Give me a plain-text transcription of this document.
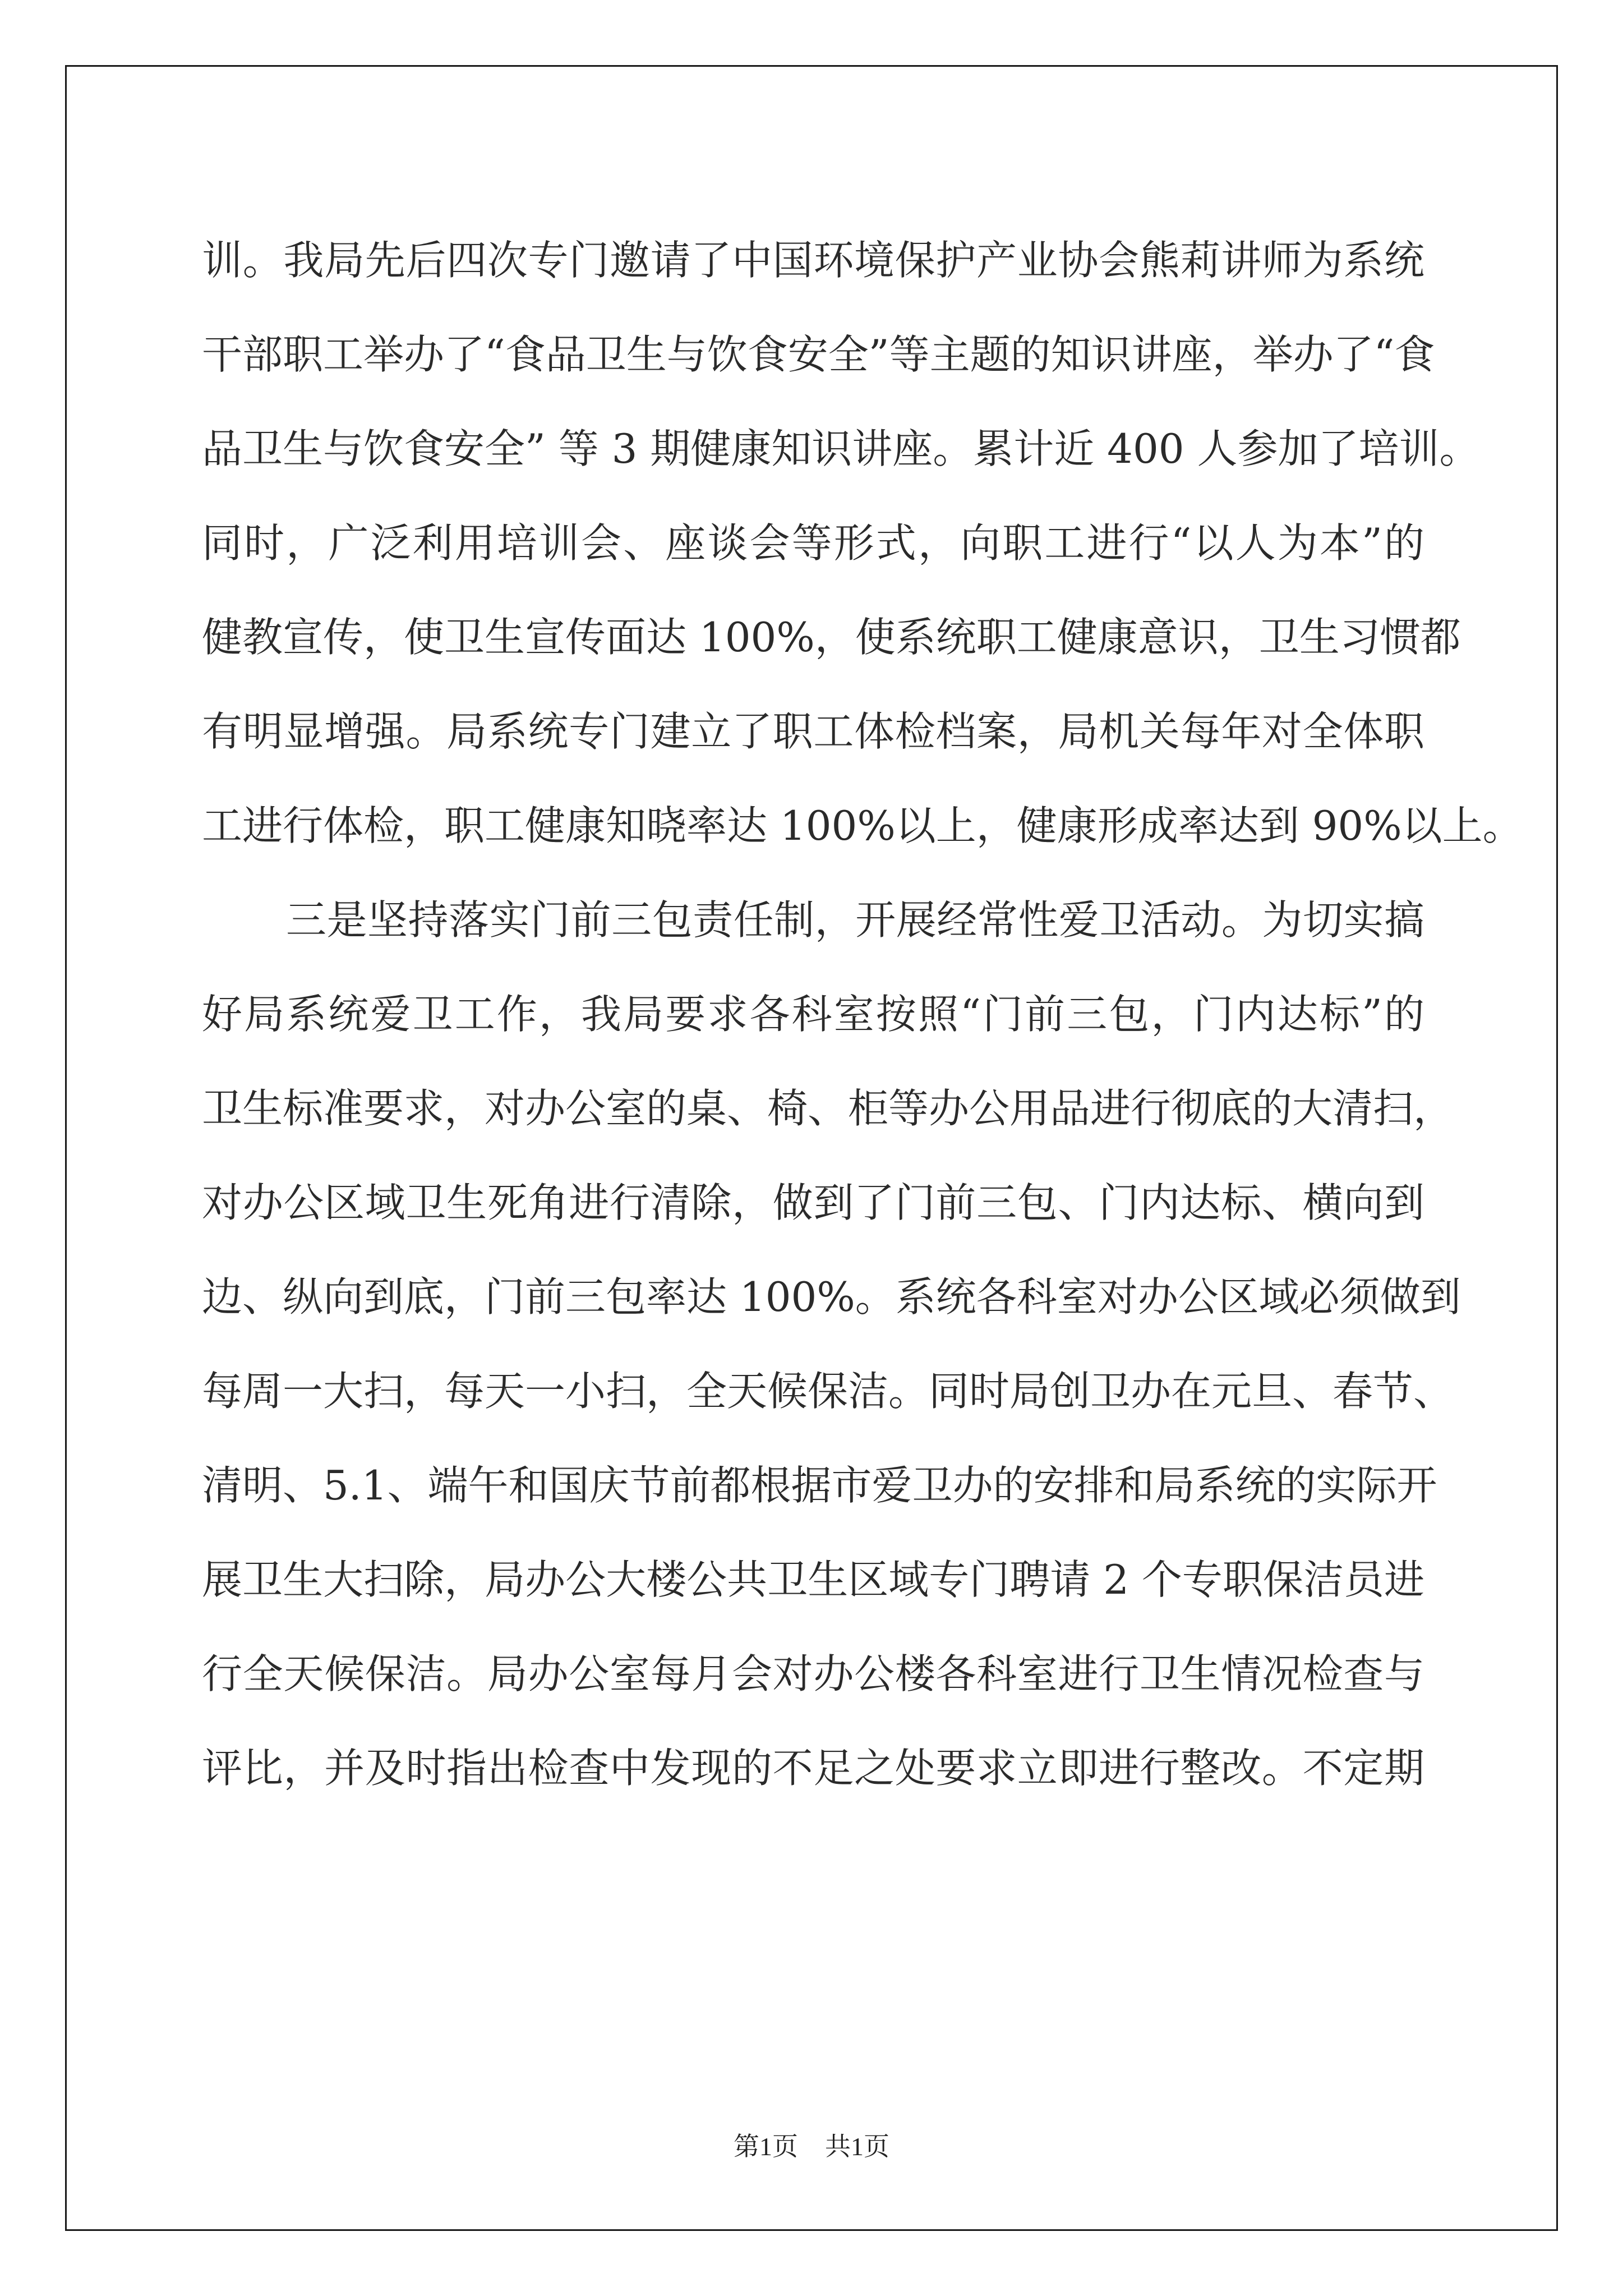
训。我局先后四次专门邀请了中国环境保护产业协会熊莉讲师为系统
干部职工举办了“食品卫生与饮食安全”等主题的知识讲座，举办了“食
品卫生与饮食安全” 等 3 期健康知识讲座。累计近 400 人参加了培训。
同时，广泛利用培训会、座谈会等形式，向职工进行“以人为本”的
健教宣传，使卫生宣传面达 100%，使系统职工健康意识，卫生习惯都
有明显增强。局系统专门建立了职工体检档案，局机关每年对全体职
工进行体检，职工健康知晓率达 100%以上，健康形成率达到 90%以上。
三是坚持落实门前三包责任制，开展经常性爱卫活动。为切实搞
好局系统爱卫工作，我局要求各科室按照“门前三包，门内达标”的
卫生标准要求，对办公室的桌、椅、柜等办公用品进行彻底的大清扫，
对办公区域卫生死角进行清除，做到了门前三包、门内达标、横向到
边、纵向到底，门前三包率达 100%。系统各科室对办公区域必须做到
每周一大扫，每天一小扫，全天候保洁。同时局创卫办在元旦、春节、
清明、5.1、端午和国庆节前都根据市爱卫办的安排和局系统的实际开
展卫生大扫除，局办公大楼公共卫生区域专门聘请 2 个专职保洁员进
行全天候保洁。局办公室每月会对办公楼各科室进行卫生情况检查与
评比，并及时指出检查中发现的不足之处要求立即进行整改。不定期
第1页 共1页
